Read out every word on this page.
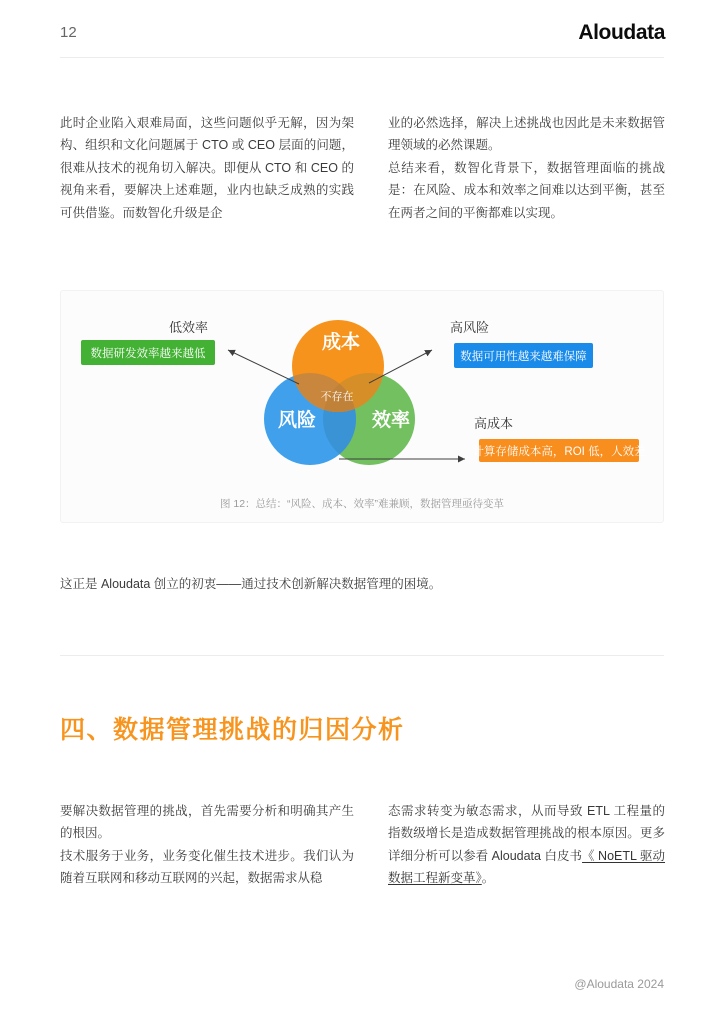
12	Aloudata

此时企业陷入艰难局面，这些问题似乎无解，因为架构、组织和文化问题属于 CTO 或 CEO 层面的问题，很难从技术的视角切入解决。即便从 CTO 和 CEO 的视角来看，要解决上述难题，业内也缺乏成熟的实践可供借鉴。而数智化升级是企

业的必然选择，解决上述挑战也因此是未来数据管理领域的必然课题。

总结来看，数智化背景下，数据管理面临的挑战是：在风险、成本和效率之间难以达到平衡，甚至在两者之间的平衡都难以实现。

成本
风险	效率
不存在
低效率
数据研发效率越来越低
高风险
数据可用性越来越难保障
高成本
计算存储成本高，ROI 低，人效差
图 12：总结：“风险、成本、效率”难兼顾，数据管理亟待变革
这正是 Aloudata 创立的初衷——通过技术创新解决数据管理的困境。
四、数据管理挑战的归因分析

要解决数据管理的挑战，首先需要分析和明确其产生的根因。

技术服务于业务，业务变化催生技术进步。我们认为随着互联网和移动互联网的兴起，数据需求从稳

态需求转变为敏态需求，从而导致 ETL 工程量的指数级增长是造成数据管理挑战的根本原因。更多详细分析可以参看 Aloudata 白皮书《 NoETL 驱动数据工程新变革》。

@Aloudata 2024
